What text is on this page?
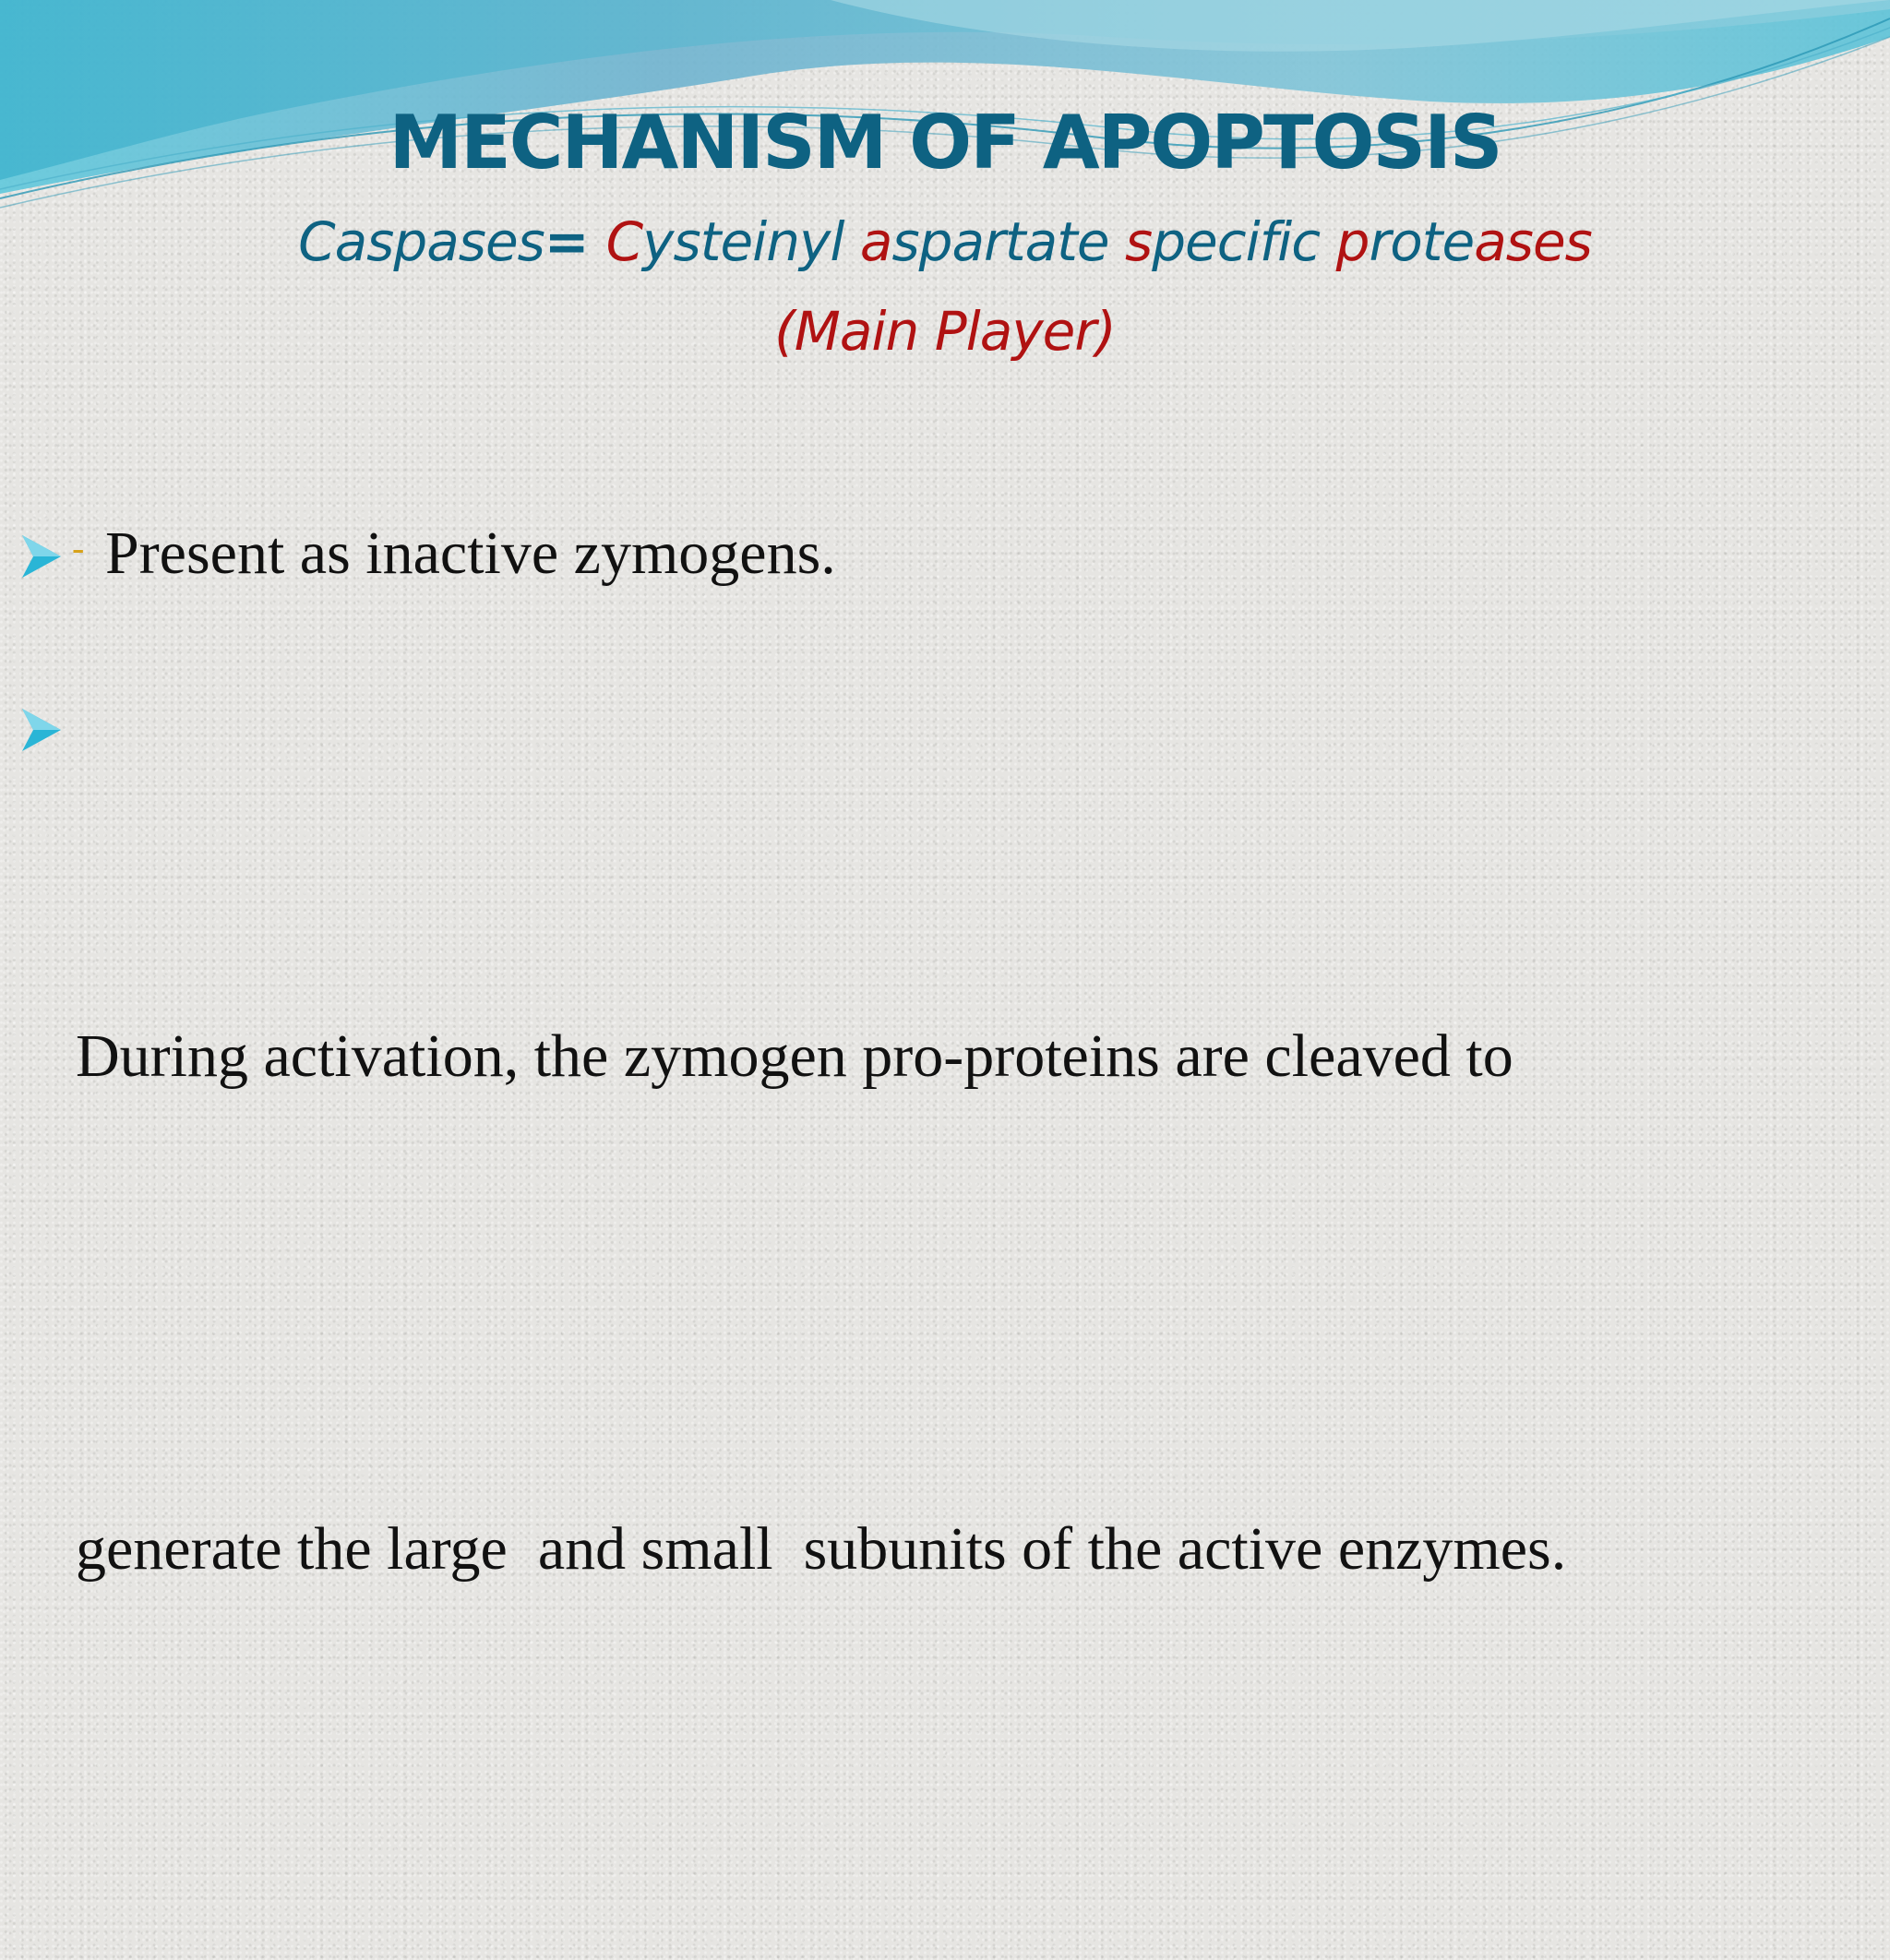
MECHANISM OF APOPTOSIS

Caspases= Cysteinyl aspartate specific proteases

(Main Player)

- Present as inactive zymogens.

During activation, the zymogen pro-proteins are cleaved to

generate the large  and small  subunits of the active enzymes.
